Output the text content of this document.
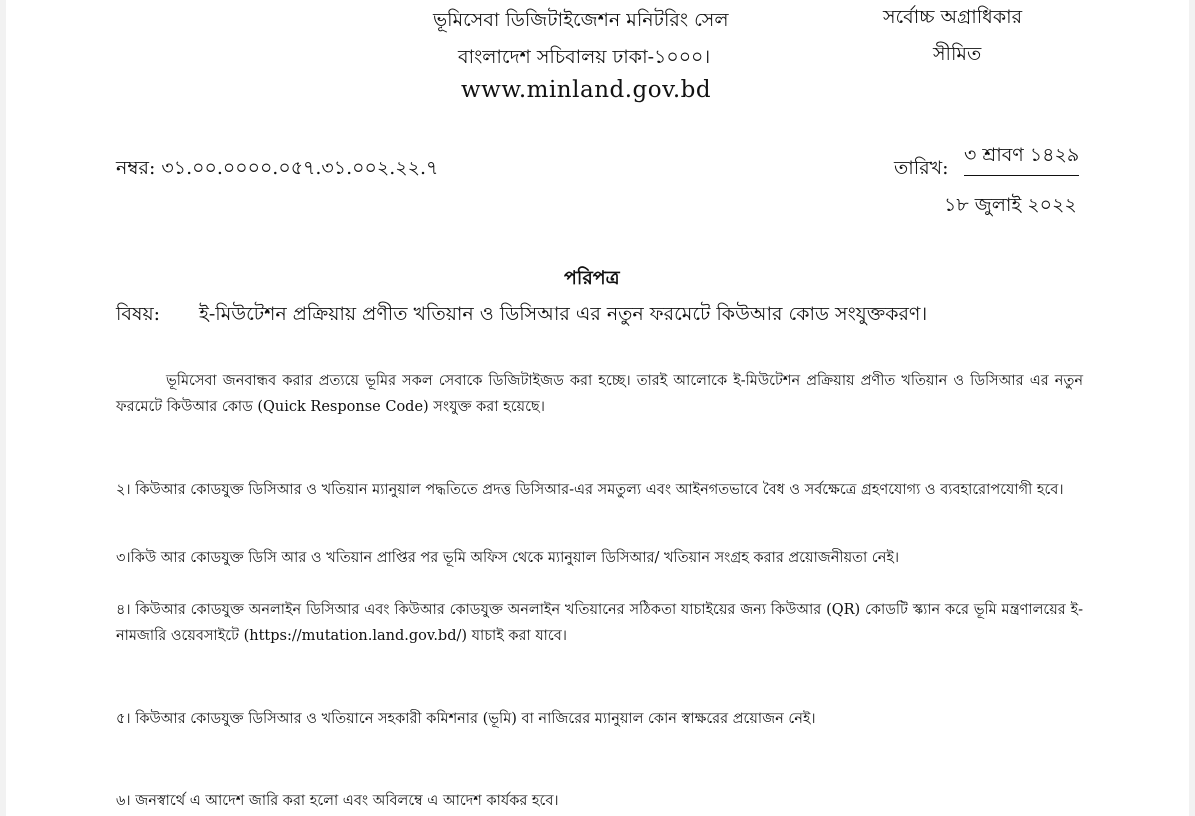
ভূমিসেবা ডিজিটাইজেশন মনিটরিং সেল
বাংলাদেশ সচিবালয় ঢাকা-১০০০।
www.minland.gov.bd
সর্বোচ্চ অগ্রাধিকার
সীমিত
নম্বর: ৩১.০০.০০০০.০৫৭.৩১.০০২.২২.৭	তারিখ:
৩ শ্রাবণ ১৪২৯
১৮ জুলাই ২০২২
পরিপত্র
বিষয়: ই-মিউটেশন প্রক্রিয়ায় প্রণীত খতিয়ান ও ডিসিআর এর নতুন ফরমেটে কিউআর কোড সংযুক্তকরণ।
ভূমিসেবা জনবান্ধব করার প্রত্যয়ে ভূমির সকল সেবাকে ডিজিটাইজড করা হচ্ছে। তারই আলোকে ই-মিউটেশন প্রক্রিয়ায় প্রণীত খতিয়ান ও ডিসিআর এর নতুন ফরমেটে কিউআর কোড (Quick Response Code) সংযুক্ত করা হয়েছে।
২। কিউআর কোডযুক্ত ডিসিআর ও খতিয়ান ম্যানুয়াল পদ্ধতিতে প্রদত্ত ডিসিআর-এর সমতুল্য এবং আইনগতভাবে বৈধ ও সর্বক্ষেত্রে গ্রহণযোগ্য ও ব্যবহারোপযোগী হবে।
৩।কিউ আর কোডযুক্ত ডিসি আর ও খতিয়ান প্রাপ্তির পর ভূমি অফিস থেকে ম্যানুয়াল ডিসিআর/ খতিয়ান সংগ্রহ করার প্রয়োজনীয়তা নেই।
৪। কিউআর কোডযুক্ত অনলাইন ডিসিআর এবং কিউআর কোডযুক্ত অনলাইন খতিয়ানের সঠিকতা যাচাইয়ের জন্য কিউআর (QR) কোডটি স্ক্যান করে ভূমি মন্ত্রণালয়ের ই-নামজারি ওয়েবসাইটে (https://mutation.land.gov.bd/) যাচাই করা যাবে।
৫। কিউআর কোডযুক্ত ডিসিআর ও খতিয়ানে সহকারী কমিশনার (ভূমি) বা নাজিরের ম্যানুয়াল কোন স্বাক্ষরের প্রয়োজন নেই।
৬। জনস্বার্থে এ আদেশ জারি করা হলো এবং অবিলম্বে এ আদেশ কার্যকর হবে।
